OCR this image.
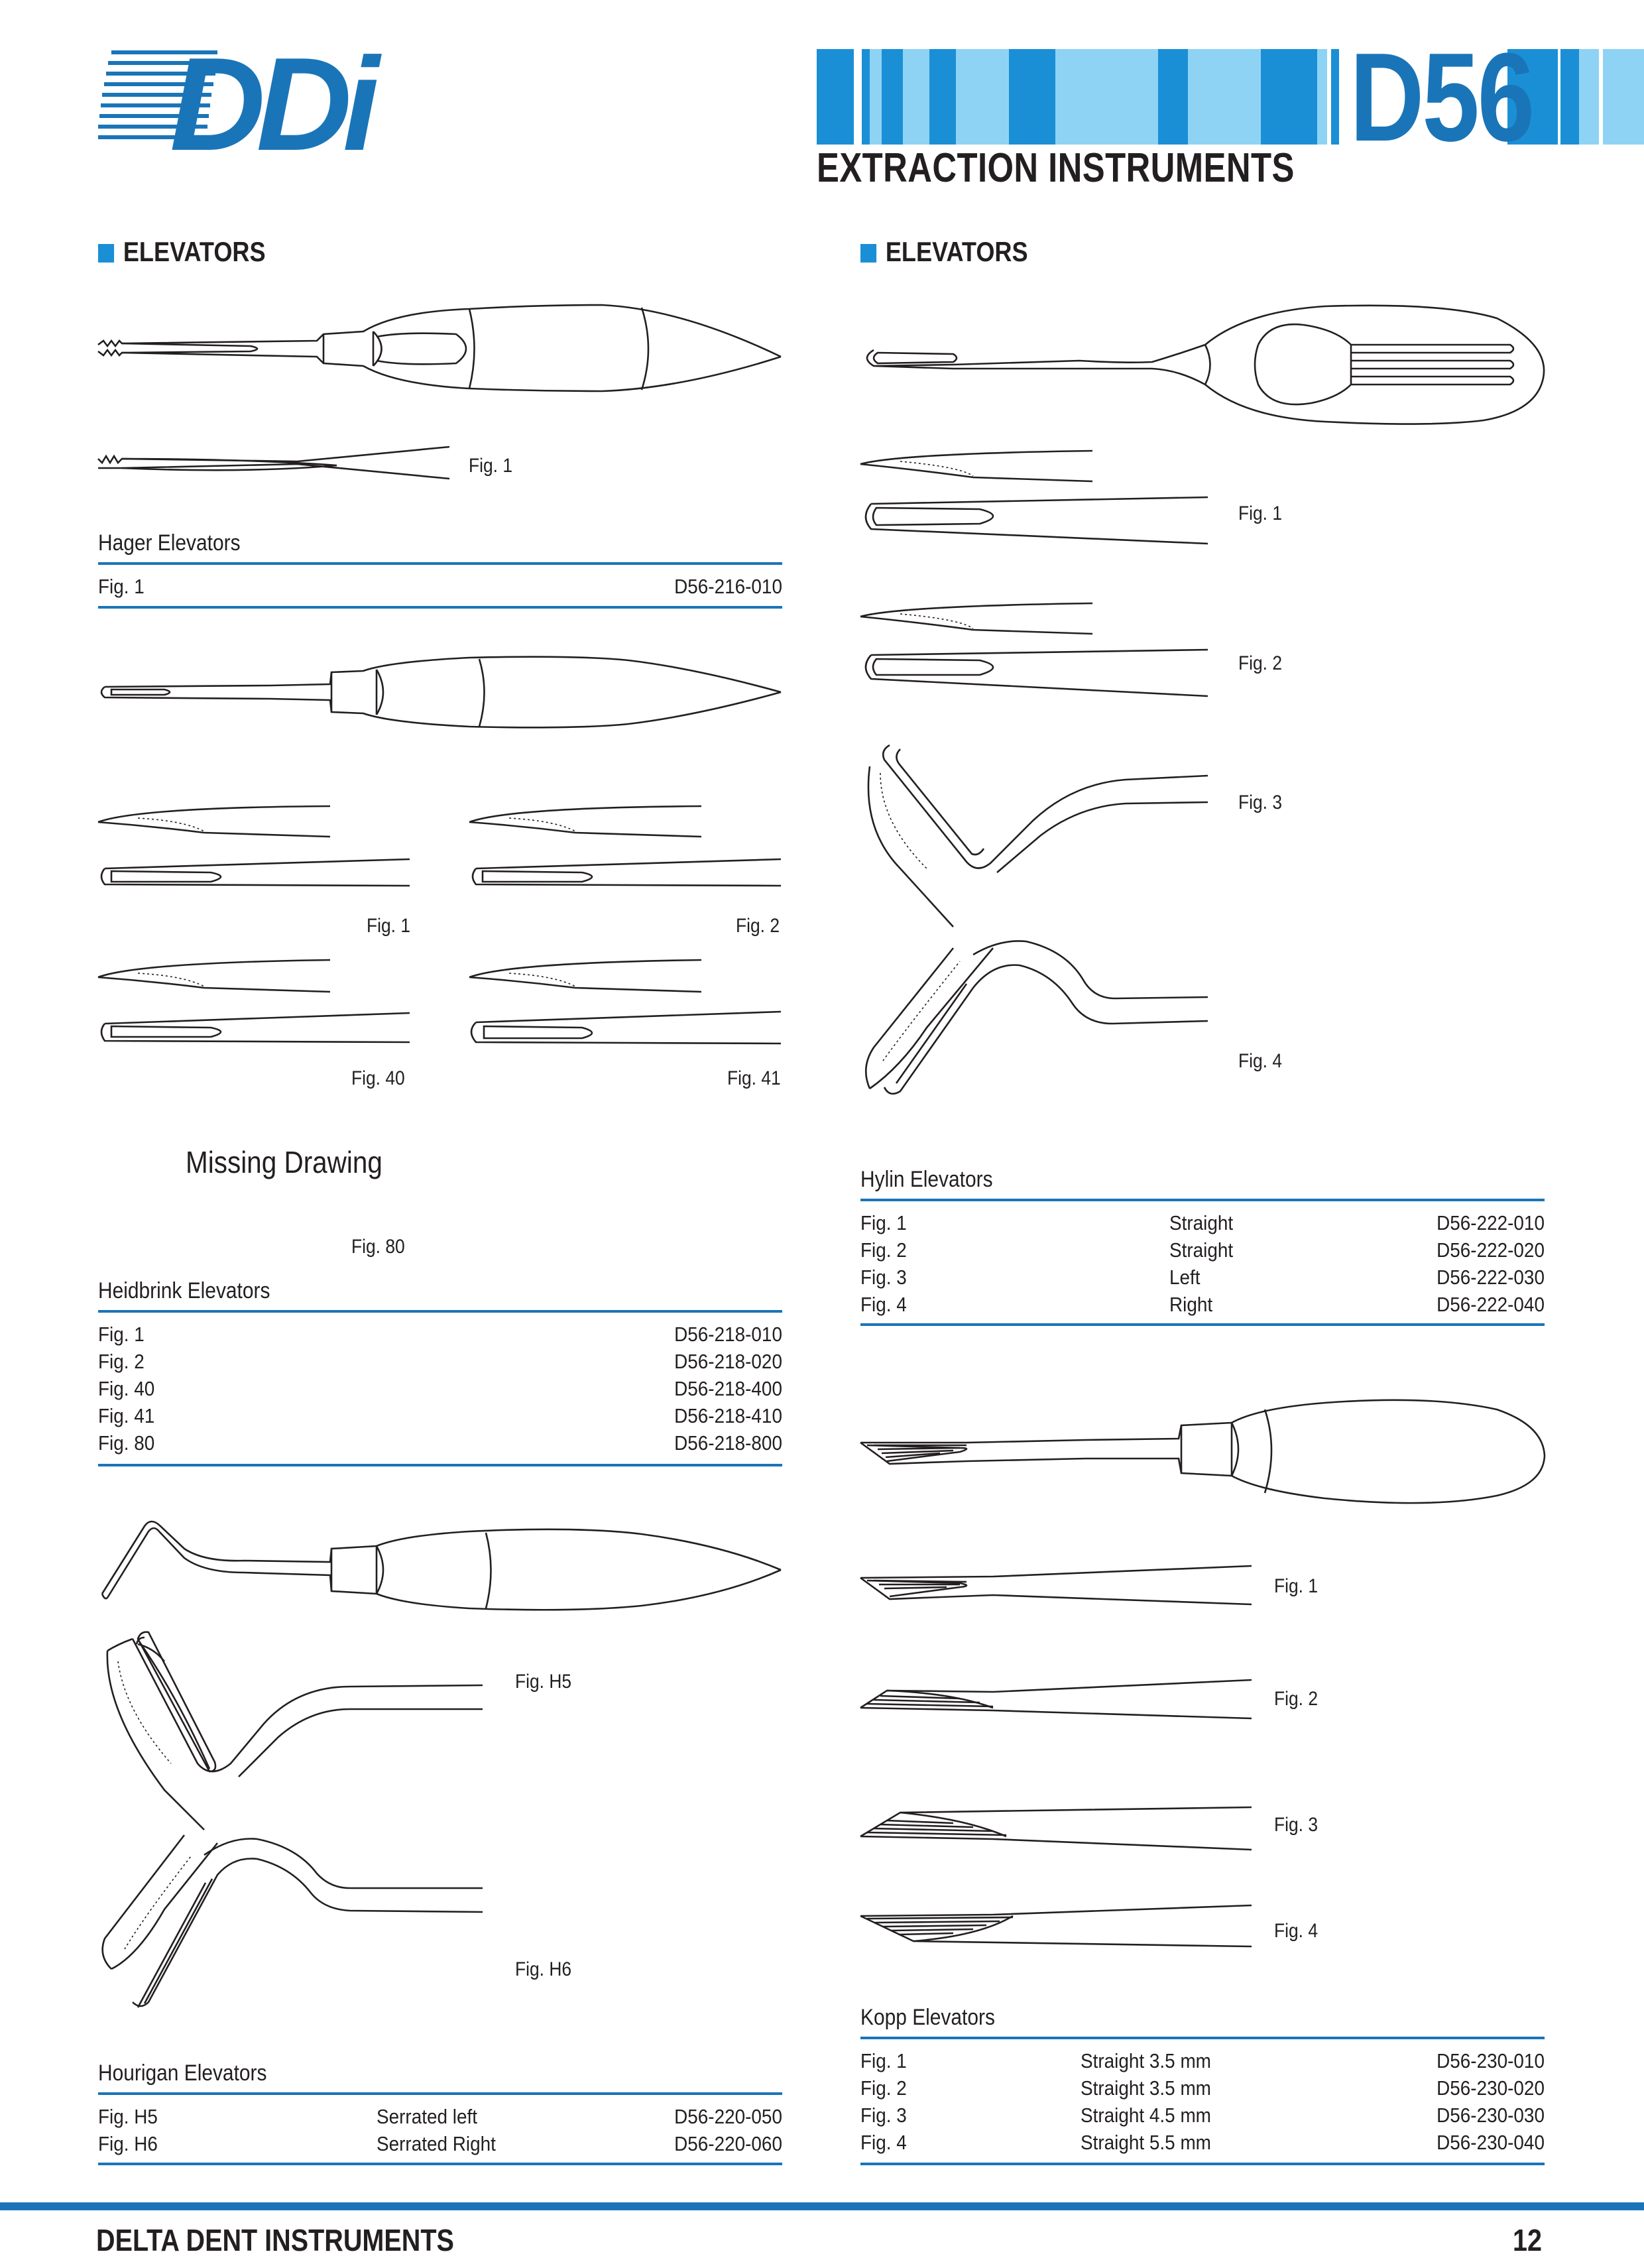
DDi	D56
EXTRACTION INSTRUMENTS
ELEVATORS
Fig. 1
Hager Elevators
Fig. 1	D56-216-010
Fig. 1	Fig. 2
Fig. 40	Fig. 41
Missing Drawing
Fig. 80
Heidbrink Elevators
Fig. 1	D56-218-010
Fig. 2	D56-218-020
Fig. 40	D56-218-400
Fig. 41	D56-218-410
Fig. 80	D56-218-800
Fig. H5
Fig. H6
Hourigan Elevators
Fig. H5	Serrated left	D56-220-050
Fig. H6	Serrated Right	D56-220-060
ELEVATORS
Fig. 1
Fig. 2
Fig. 3
Fig. 4
Hylin Elevators
Fig. 1	Straight	D56-222-010
Fig. 2	Straight	D56-222-020
Fig. 3	Left	D56-222-030
Fig. 4	Right	D56-222-040
Fig. 1
Fig. 2
Fig. 3
Fig. 4
Kopp Elevators
Fig. 1	Straight 3.5 mm	D56-230-010
Fig. 2	Straight 3.5 mm	D56-230-020
Fig. 3	Straight 4.5 mm	D56-230-030
Fig. 4	Straight 5.5 mm	D56-230-040
DELTA DENT INSTRUMENTS	12
